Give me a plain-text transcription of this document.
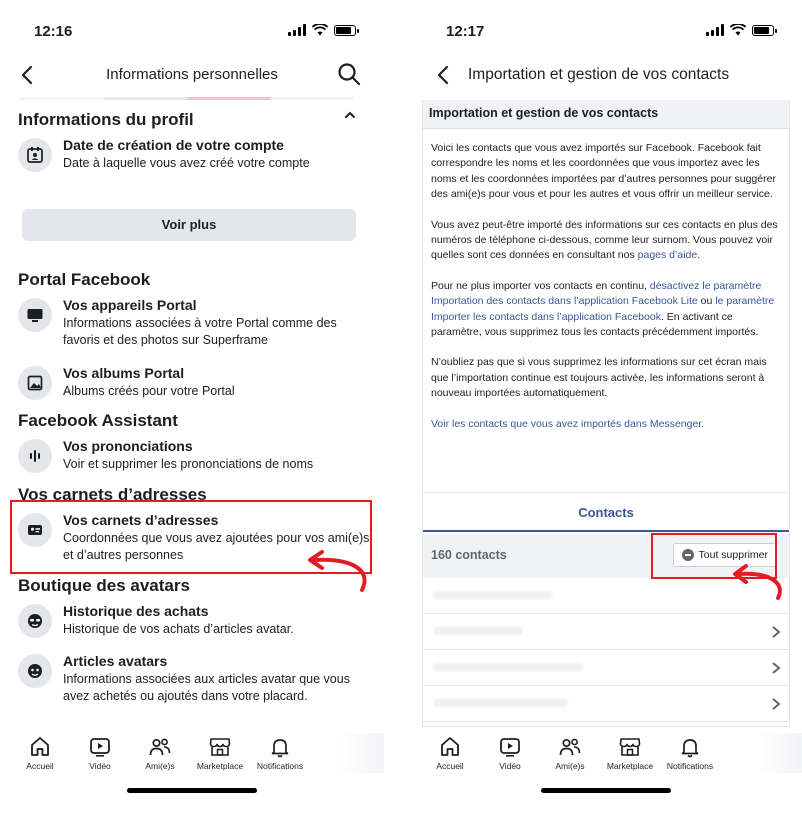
12:16
Informations personnelles
Informations du profil
Date de création de votre compte
Date à laquelle vous avez créé votre compte
Voir plus
Portal Facebook
Vos appareils Portal
Informations associées à votre Portal comme des favoris et des photos sur Superframe
Vos albums Portal
Albums créés pour votre Portal
Facebook Assistant
Vos prononciations
Voir et supprimer les prononciations de noms
Vos carnets d’adresses
Vos carnets d’adresses
Coordonnées que vous avez ajoutées pour vos ami(e)s et d’autres personnes
Boutique des avatars
Historique des achats
Historique de vos achats d’articles avatar.
Articles avatars
Informations associées aux articles avatar que vous avez achetés ou ajoutés dans votre placard.
Accueil	Vidéo	Ami(e)s	Marketplace Notifications
12:17
Importation et gestion de vos contacts
Importation et gestion de vos contacts

Voici les contacts que vous avez importés sur Facebook. Facebook fait correspondre les noms et les coordonnées que vous importez avec les noms et les coordonnées importées par d’autres personnes pour suggérer des ami(e)s pour vous et pour les autres et vous offrir un meilleur service.

Vous avez peut-être importé des informations sur ces contacts en plus des numéros de téléphone ci-dessous, comme leur surnom. Vous pouvez voir quelles sont ces données en consultant nos pages d’aide.

Pour ne plus importer vos contacts en continu, désactivez le paramètre Importation des contacts dans l’application Facebook Lite ou le paramètre Importer les contacts dans l’application Facebook. En activant ce paramètre, vous supprimez tous les contacts précédemment importés.

N’oubliez pas que si vous supprimez les informations sur cet écran mais que l’importation continue est toujours activée, les informations seront à nouveau importées automatiquement.

Voir les contacts que vous avez importés dans Messenger.

Contacts
160 contacts	Tout supprimer
Accueil	Vidéo	Ami(e)s	Marketplace Notifications
